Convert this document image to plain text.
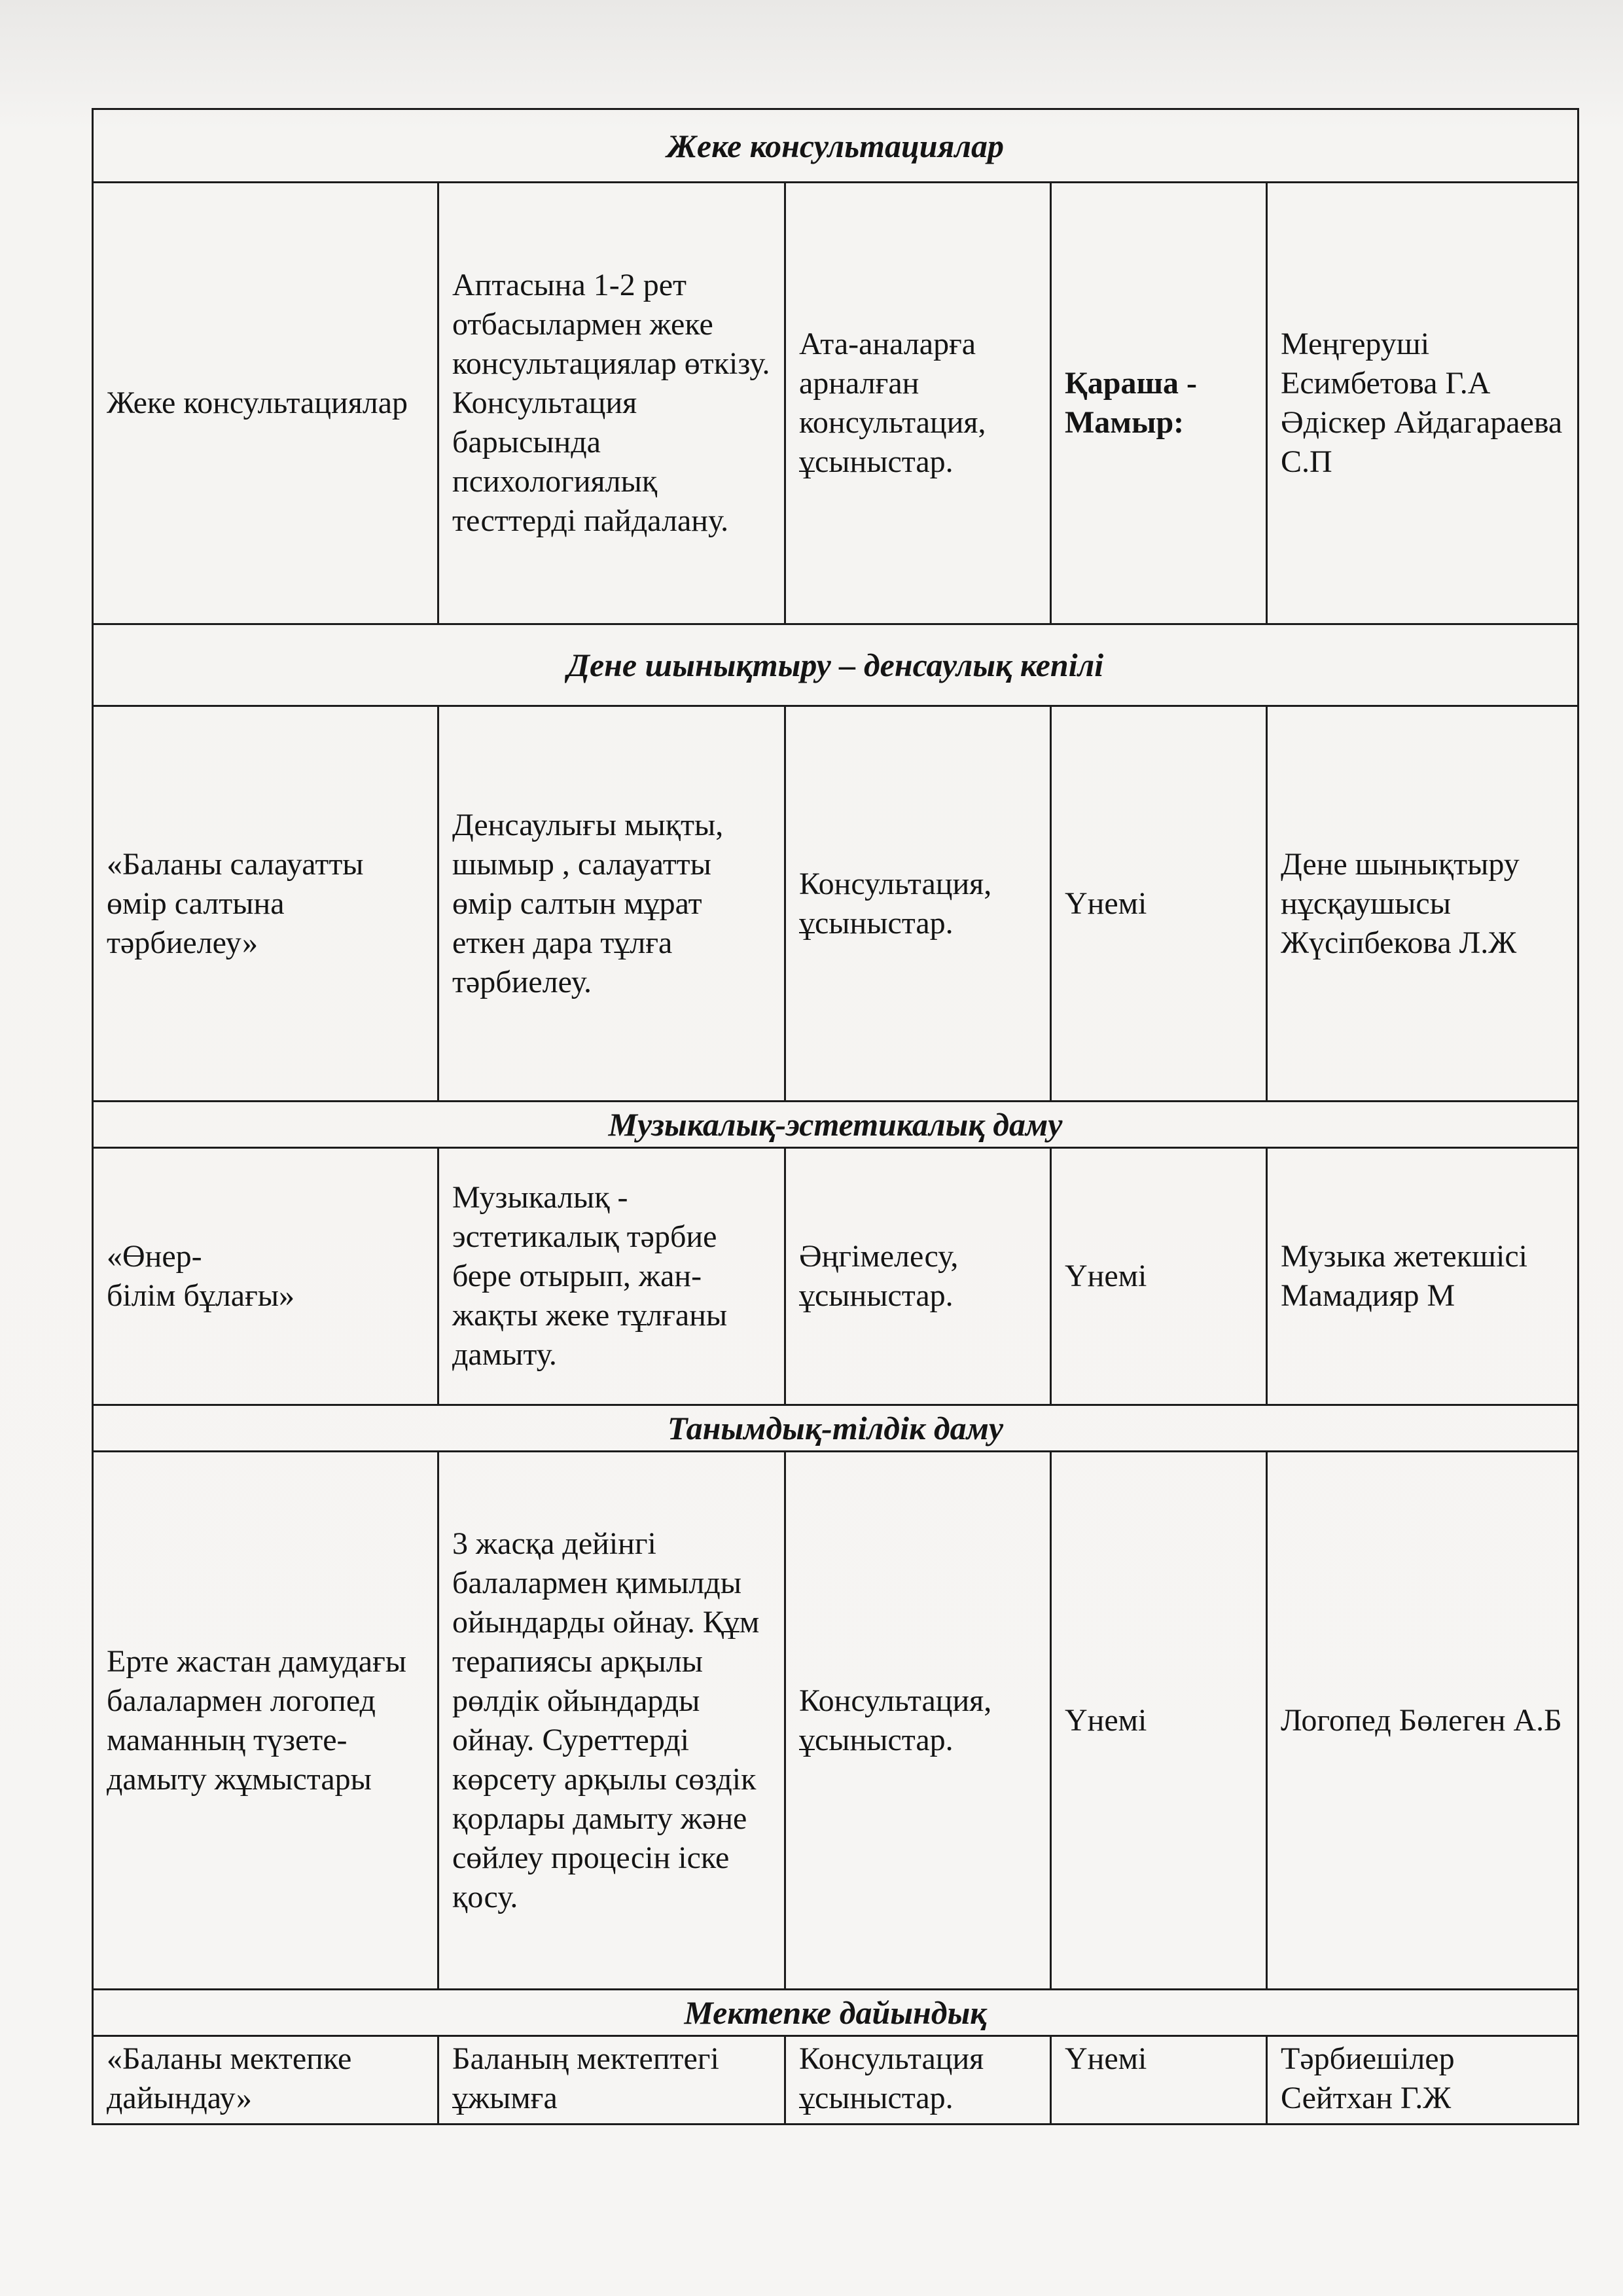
Жеке консультациялар				
Жеке консультациялар	Аптасына 1-2 рет отбасылармен жеке консультациялар өткізу. Консультация барысында психологиялық тесттерді пайдалану.	Ата-аналарға арналған консультация, ұсыныстар.	Қараша - Мамыр:	Меңгеруші Есимбетова Г.А Әдіскер Айдагараева С.П
Дене шынықтыру – денсаулық кепілі				
«Баланы салауатты өмір салтына тәрбиелеу»	Денсаулығы мықты, шымыр , салауатты өмір салтын мұрат еткен дара тұлға тәрбиелеу.	Консультация, ұсыныстар.	Үнемі	Дене шынықтыру нұсқаушысы Жүсіпбекова Л.Ж
Музыкалық-эстетикалық даму				
«Өнер-
білім бұлағы»	Музыкалық - эстетикалық тәрбие бере отырып, жан-жақты жеке тұлғаны дамыту.	Әңгімелесу, ұсыныстар.	Үнемі	Музыка жетекшісі Мамадияр М
Танымдық-тілдік даму				
Ерте жастан дамудағы балалармен логопед маманның түзете-дамыту жұмыстары	3 жасқа дейінгі балалармен қимылды ойындарды ойнау. Құм терапиясы арқылы рөлдік ойындарды ойнау. Суреттерді көрсету арқылы сөздік қорлары дамыту және сөйлеу процесін іске қосу.	Консультация, ұсыныстар.	Үнемі	Логопед Бөлеген А.Б
Мектепке дайындық				
«Баланы мектепке дайындау»	Баланың мектептегі ұжымға	Консультация ұсыныстар.	Үнемі	Тәрбиешілер Сейтхан Г.Ж
